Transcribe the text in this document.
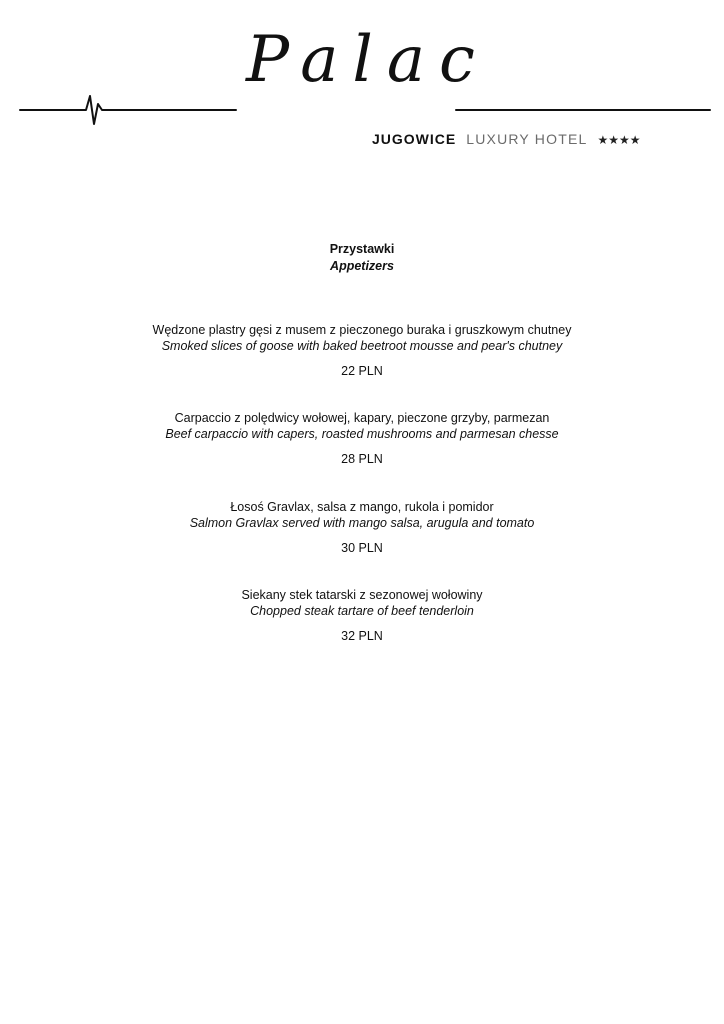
Palac
JUGOWICE LUXURY HOTEL ★★★★
Przystawki
Appetizers
Wędzone plastry gęsi z musem z pieczonego buraka i gruszkowym chutney
Smoked slices of goose with baked beetroot mousse and pear's chutney
22 PLN
Carpaccio z polędwicy wołowej, kapary, pieczone grzyby, parmezan
Beef carpaccio with capers, roasted mushrooms and parmesan chesse
28 PLN
Łosoś Gravlax, salsa z mango, rukola i pomidor
Salmon Gravlax served with mango salsa, arugula and tomato
30 PLN
Siekany stek tatarski z sezonowej wołowiny
Chopped steak tartare of beef tenderloin
32 PLN
